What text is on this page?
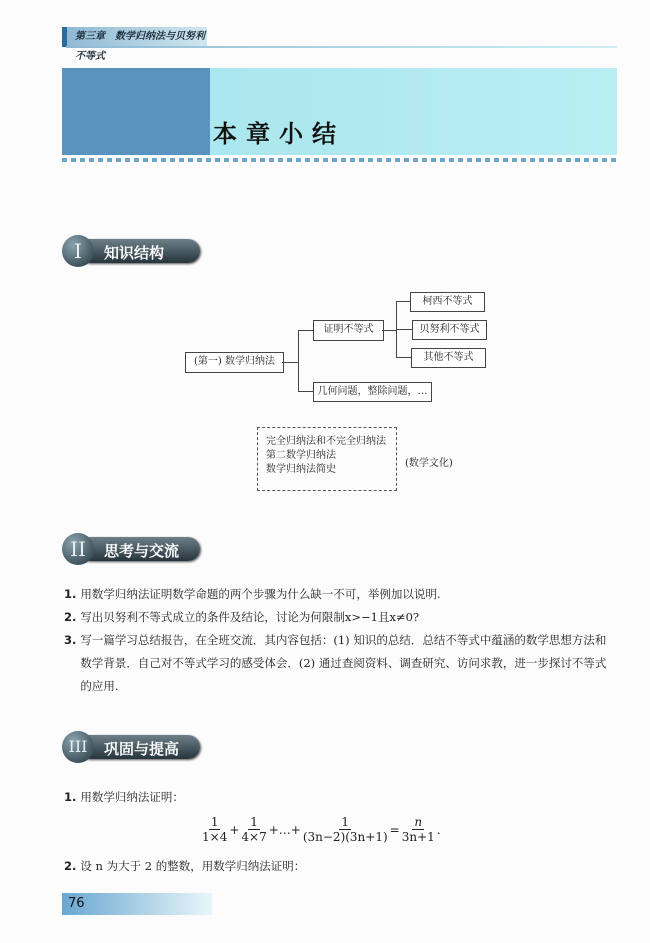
第三章　数学归纳法与贝努利不等式
本章小结
知识结构
I
(第一) 数学归纳法
证明不等式
几何问题，整除问题，…
柯西不等式
贝努利不等式
其他不等式
完全归纳法和不完全归纳法
第二数学归纳法
数学归纳法简史
(数学文化)
思考与交流
II
1. 用数学归纳法证明数学命题的两个步骤为什么缺一不可，举例加以说明.
2. 写出贝努利不等式成立的条件及结论，讨论为何限制x>−1且x≠0?
3. 写一篇学习总结报告，在全班交流．其内容包括：(1) 知识的总结．总结不等式中蕴涵的数学思想方法和数学背景．自己对不等式学习的感受体会．(2) 通过查阅资料、调查研究、访问求教，进一步探讨不等式的应用.
巩固与提高
III
1. 用数学归纳法证明：
$\frac{1}{1\times 4} + \frac{1}{4\times 7}$ +…+ $\frac{1}{(3n-2)(3n+1)} = \frac{n}{3n+1}$ .
2. 设 n 为大于 2 的整数，用数学归纳法证明：
76
